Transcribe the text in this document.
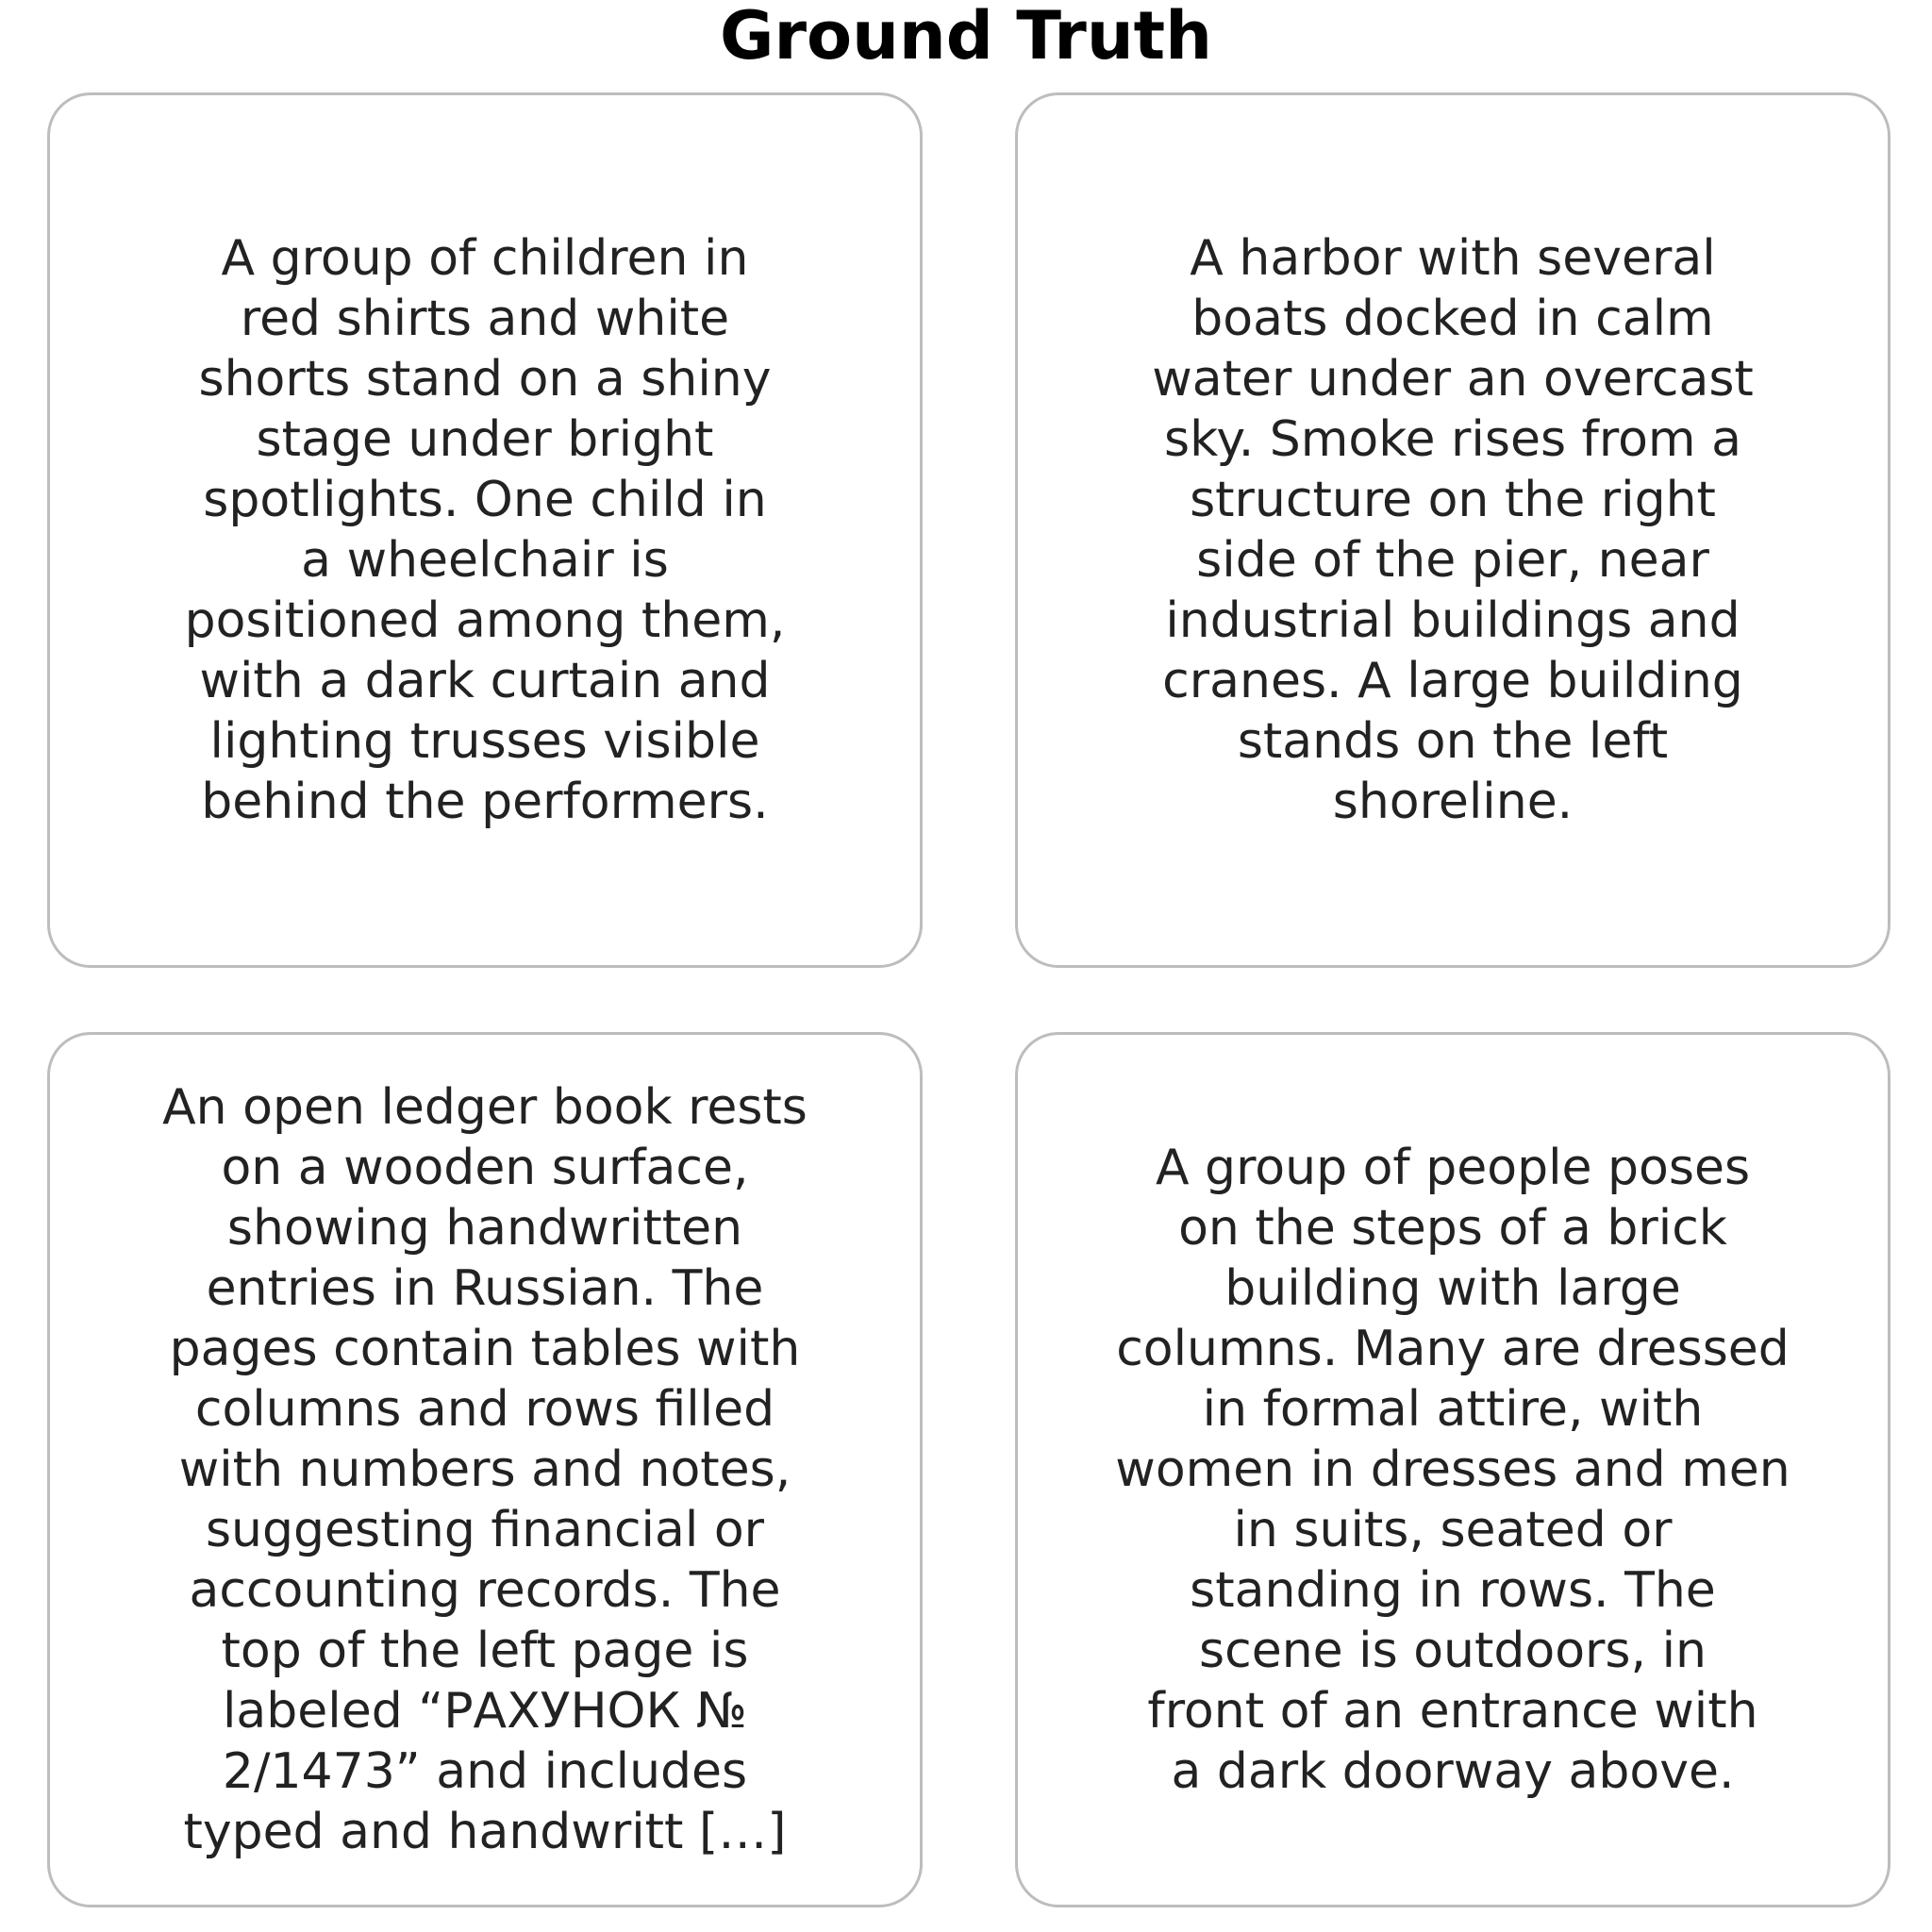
Ground Truth

A group of children in
red shirts and white
shorts stand on a shiny
stage under bright
spotlights. One child in
a wheelchair is
positioned among them,
with a dark curtain and
lighting trusses visible
behind the performers.

A harbor with several
boats docked in calm
water under an overcast
sky. Smoke rises from a
structure on the right
side of the pier, near
industrial buildings and
cranes. A large building
stands on the left
shoreline.

An open ledger book rests
on a wooden surface,
showing handwritten
entries in Russian. The
pages contain tables with
columns and rows filled
with numbers and notes,
suggesting financial or
accounting records. The
top of the left page is
labeled “РАХУНОК №
2/1473” and includes
typed and handwritt […]

A group of people poses
on the steps of a brick
building with large
columns. Many are dressed
in formal attire, with
women in dresses and men
in suits, seated or
standing in rows. The
scene is outdoors, in
front of an entrance with
a dark doorway above.
